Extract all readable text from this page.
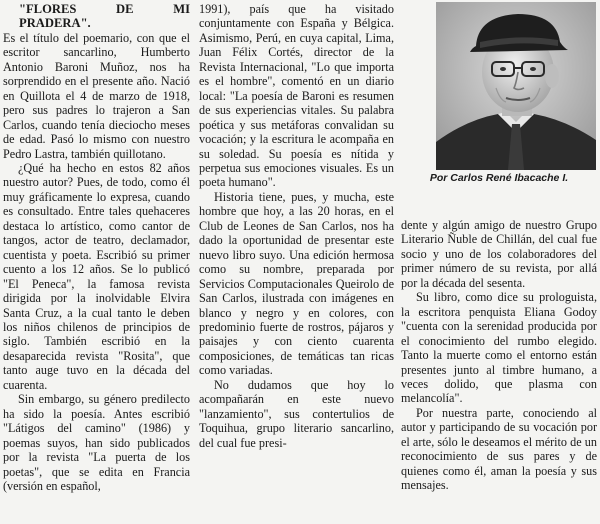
"FLORES DE MI PRADERA".

Es el título del poemario, con que el escritor sancarlino, Humberto Antonio Baroni Muñoz, nos ha sorprendido en el presente año. Nació en Quillota el 4 de marzo de 1918, pero sus padres lo trajeron a San Carlos, cuando tenía dieciocho meses de edad. Pasó lo mismo con nuestro Pedro Lastra, también quillotano.

¿Qué ha hecho en estos 82 años nuestro autor? Pues, de todo, como él muy gráficamente lo expresa, cuando es consultado. Entre tales quehaceres destaca lo artístico, como cantor de tangos, actor de teatro, declamador, cuentista y poeta. Escribió su primer cuento a los 12 años. Se lo publicó "El Peneca", la famosa revista dirigida por la inolvidable Elvira Santa Cruz, a la cual tanto le deben los niños chilenos de principios de siglo. También escribió en la desaparecida revista "Rosita", que tanto auge tuvo en la década del cuarenta.

Sin embargo, su género predilecto ha sido la poesía. Antes escribió "Látigos del camino" (1986) y poemas suyos, han sido publicados por la revista "La puerta de los poetas", que se edita en Francia (versión en español,

1991), país que ha visitado conjuntamente con España y Bélgica. Asimismo, Perú, en cuya capital, Lima, Juan Félix Cortés, director de la Revista Internacional, "Lo que importa es el hombre", comentó en un diario local: "La poesía de Baroni es resumen de sus experiencias vitales. Su palabra poética y sus metáforas convalidan su vocación; y la escritura le acompaña en su soledad. Su poesía es nítida y perpetua sus emociones visuales. Es un poeta humano".

Historia tiene, pues, y mucha, este hombre que hoy, a las 20 horas, en el Club de Leones de San Carlos, nos ha dado la oportunidad de presentar este nuevo libro suyo. Una edición hermosa como su nombre, preparada por Servicios Computacionales Queirolo de San Carlos, ilustrada con imágenes en blanco y negro y en colores, con predominio fuerte de rostros, pájaros y paisajes y con ciento cuarenta composiciones, de temáticas tan ricas como variadas.

No dudamos que hoy lo acompañarán en este nuevo "lanzamiento", sus contertulios de Toquihua, grupo literario sancarlino, del cual fue presi-

Por Carlos René Ibacache I.

dente y algún amigo de nuestro Grupo Literario Ñuble de Chillán, del cual fue socio y uno de los colaboradores del primer número de su revista, por allá por la década del sesenta.

Su libro, como dice su prologuista, la escritora penquista Eliana Godoy "cuenta con la serenidad producida por el conocimiento del rumbo elegido. Tanto la muerte como el entorno están presentes junto al timbre humano, a veces dolido, que plasma con melancolía".

Por nuestra parte, conociendo al autor y participando de su vocación por el arte, sólo le deseamos el mérito de un reconocimiento de sus pares y de quienes como él, aman la poesía y sus mensajes.
